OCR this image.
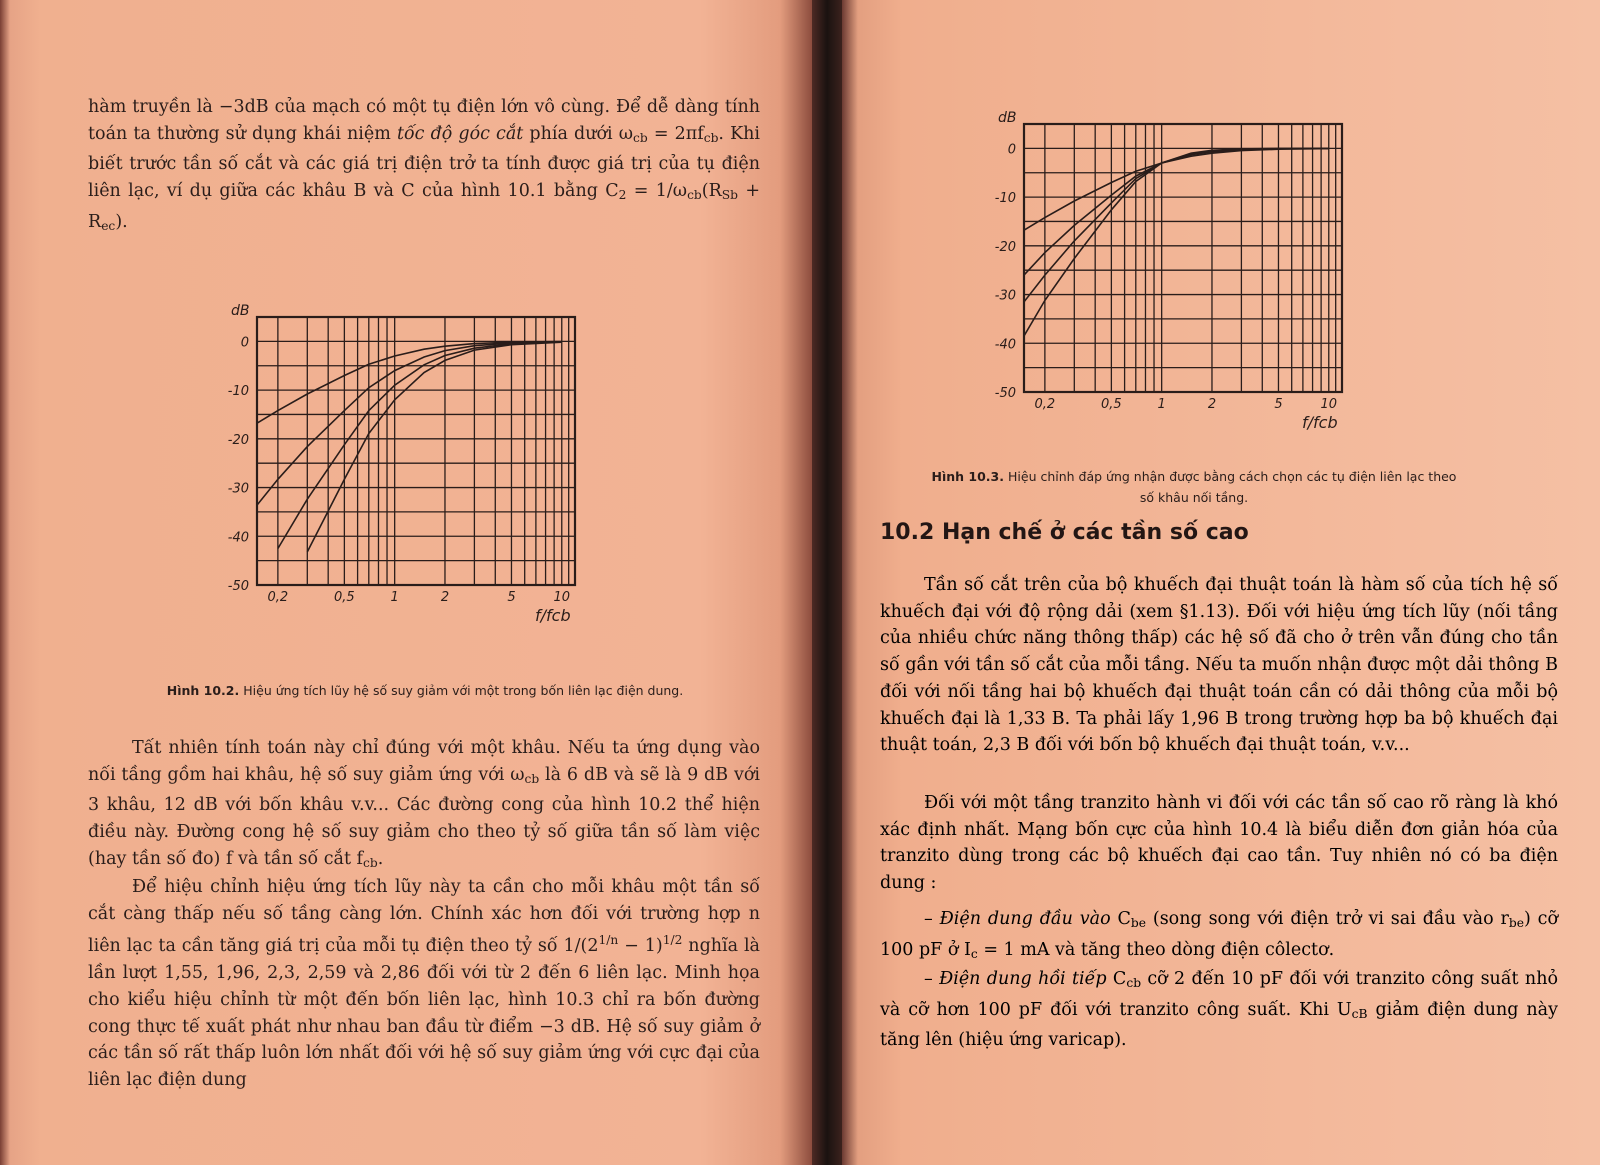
hàm truyền là −3dB của mạch có một tụ điện lớn vô cùng. Để dễ dàng tính toán ta thường sử dụng khái niệm tốc độ góc cắt phía dưới $\omega_{cb} = 2\pi f_{cb}$. Khi biết trước tần số cắt và các giá trị điện trở ta tính được giá trị của tụ điện liên lạc, ví dụ giữa các khâu B và C của hình 10.1 bằng $C_2 = 1/\omega_{cb}(R_{Sb} + R_{ec})$.

0
-10
-20
-30
-40
-50
0,2	0,5	1	2	5	10
dB
f/fcb

Hình 10.2. Hiệu ứng tích lũy hệ số suy giảm với một trong bốn liên lạc điện dung.

Tất nhiên tính toán này chỉ đúng với một khâu. Nếu ta ứng dụng vào nối tầng gồm hai khâu, hệ số suy giảm ứng với $\omega_{cb}$ là 6 dB và sẽ là 9 dB với 3 khâu, 12 dB với bốn khâu v.v... Các đường cong của hình 10.2 thể hiện điều này. Đường cong hệ số suy giảm cho theo tỷ số giữa tần số làm việc (hay tần số đo) f và tần số cắt $f_{cb}$.

Để hiệu chỉnh hiệu ứng tích lũy này ta cần cho mỗi khâu một tần số cắt càng thấp nếu số tầng càng lớn. Chính xác hơn đối với trường hợp n liên lạc ta cần tăng giá trị của mỗi tụ điện theo tỷ số $1/(2^{1/n} - 1)^{1/2}$ nghĩa là lần lượt 1,55, 1,96, 2,3, 2,59 và 2,86 đối với từ 2 đến 6 liên lạc. Minh họa cho kiểu hiệu chỉnh từ một đến bốn liên lạc, hình 10.3 chỉ ra bốn đường cong thực tế xuất phát như nhau ban đầu từ điểm −3 dB. Hệ số suy giảm ở các tần số rất thấp luôn lớn nhất đối với hệ số suy giảm ứng với cực đại của liên lạc điện dung

0
-10
-20
-30
-40
-50
0,2	0,5	1	2	5	10
dB
f/fcb

Hình 10.3. Hiệu chỉnh đáp ứng nhận được bằng cách chọn các tụ điện liên lạc theo số khâu nối tầng.

10.2 Hạn chế ở các tần số cao

Tần số cắt trên của bộ khuếch đại thuật toán là hàm số của tích hệ số khuếch đại với độ rộng dải (xem §1.13). Đối với hiệu ứng tích lũy (nối tầng của nhiều chức năng thông thấp) các hệ số đã cho ở trên vẫn đúng cho tần số gần với tần số cắt của mỗi tầng. Nếu ta muốn nhận được một dải thông B đối với nối tầng hai bộ khuếch đại thuật toán cần có dải thông của mỗi bộ khuếch đại là 1,33 B. Ta phải lấy 1,96 B trong trường hợp ba bộ khuếch đại thuật toán, 2,3 B đối với bốn bộ khuếch đại thuật toán, v.v...

Đối với một tầng tranzito hành vi đối với các tần số cao rõ ràng là khó xác định nhất. Mạng bốn cực của hình 10.4 là biểu diễn đơn giản hóa của tranzito dùng trong các bộ khuếch đại cao tần. Tuy nhiên nó có ba điện dung :

– Điện dung đầu vào $C_{be}$ (song song với điện trở vi sai đầu vào $r_{be}$) cỡ 100 pF ở $I_c = 1$ mA và tăng theo dòng điện côlectơ.

– Điện dung hồi tiếp $C_{cb}$ cỡ 2 đến 10 pF đối với tranzito công suất nhỏ và cỡ hơn 100 pF đối với tranzito công suất. Khi $U_{cB}$ giảm điện dung này tăng lên (hiệu ứng varicap).
